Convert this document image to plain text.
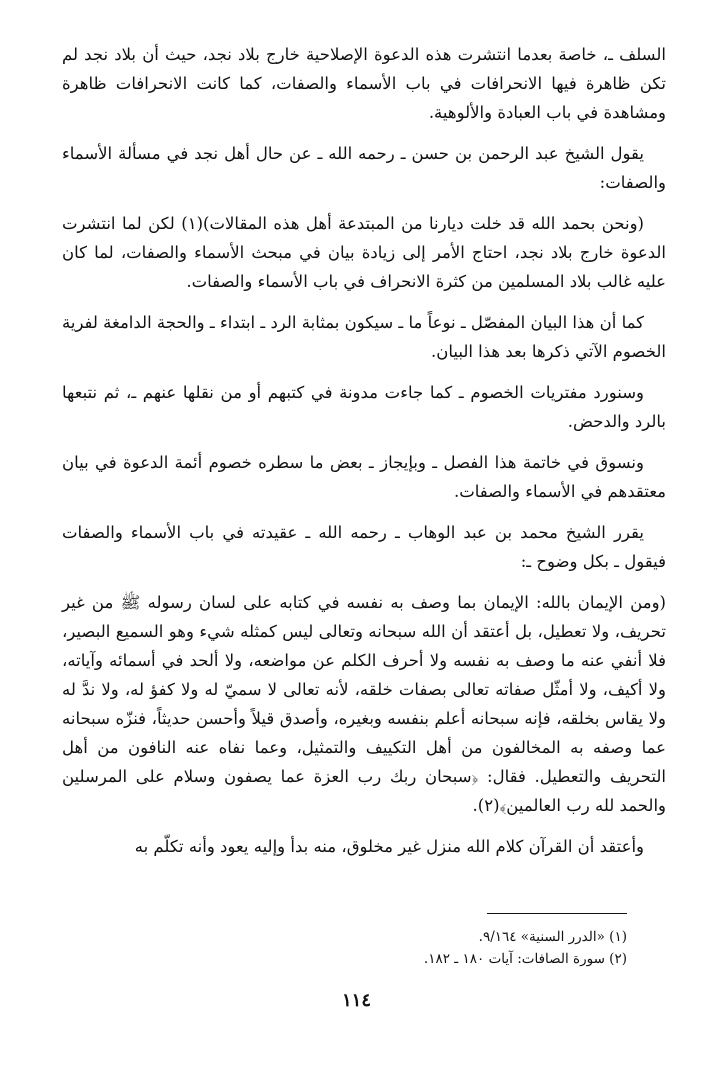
السلف ـ، خاصة بعدما انتشرت هذه الدعوة الإصلاحية خارج بلاد نجد، حيث أن بلاد نجد لم تكن ظاهرة فيها الانحرافات في باب الأسماء والصفات، كما كانت الانحرافات ظاهرة ومشاهدة في باب العبادة والألوهية.

يقول الشيخ عبد الرحمن بن حسن ـ رحمه الله ـ عن حال أهل نجد في مسألة الأسماء والصفات:

(ونحن بحمد الله قد خلت ديارنا من المبتدعة أهل هذه المقالات)(١) لكن لما انتشرت الدعوة خارج بلاد نجد، احتاج الأمر إلى زيادة بيان في مبحث الأسماء والصفات، لما كان عليه غالب بلاد المسلمين من كثرة الانحراف في باب الأسماء والصفات.

كما أن هذا البيان المفصّل ـ نوعاً ما ـ سيكون بمثابة الرد ـ ابتداء ـ والحجة الدامغة لفرية الخصوم الآتي ذكرها بعد هذا البيان.

وسنورد مفتريات الخصوم ـ كما جاءت مدونة في كتبهم أو من نقلها عنهم ـ، ثم نتبعها بالرد والدحض.

ونسوق في خاتمة هذا الفصل ـ وبإيجاز ـ بعض ما سطره خصوم أئمة الدعوة في بيان معتقدهم في الأسماء والصفات.

يقرر الشيخ محمد بن عبد الوهاب ـ رحمه الله ـ عقيدته في باب الأسماء والصفات فيقول ـ بكل وضوح ـ:

(ومن الإيمان بالله: الإيمان بما وصف به نفسه في كتابه على لسان رسوله ﷺ من غير تحريف، ولا تعطيل، بل أعتقد أن الله سبحانه وتعالى ليس كمثله شيء وهو السميع البصير، فلا أنفي عنه ما وصف به نفسه ولا أحرف الكلم عن مواضعه، ولا ألحد في أسمائه وآياته، ولا أكيف، ولا أمثّل صفاته تعالى بصفات خلقه، لأنه تعالى لا سميّ له ولا كفؤ له، ولا ندَّ له ولا يقاس بخلقه، فإنه سبحانه أعلم بنفسه وبغيره، وأصدق قيلاً وأحسن حديثاً، فنزّه سبحانه عما وصفه به المخالفون من أهل التكييف والتمثيل، وعما نفاه عنه النافون من أهل التحريف والتعطيل. فقال: ﴿سبحان ربك رب العزة عما يصفون وسلام على المرسلين والحمد لله رب العالمين﴾(٢).

وأعتقد أن القرآن كلام الله منزل غير مخلوق، منه بدأ وإليه يعود وأنه تكلّم به

(١) «الدرر السنية» ٩/١٦٤.
(٢) سورة الصافات: آيات ١٨٠ ـ ١٨٢.
١١٤
